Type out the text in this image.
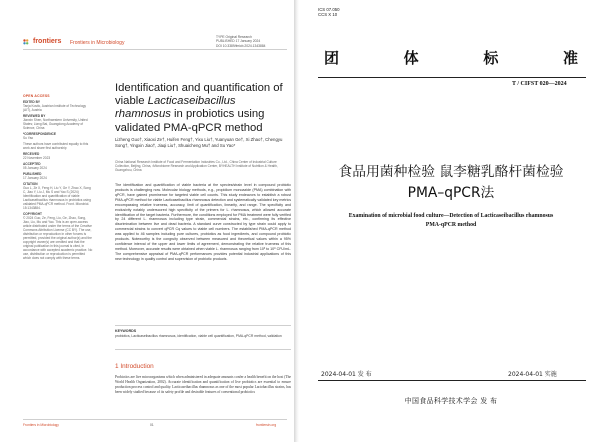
frontiers Frontiers in Microbiology
TYPE Original Research
PUBLISHED 17 January 2024
DOI 10.3389/fmicb.2024.1343884
OPEN ACCESS
EDITED BY
Tanja Kostic, Austrian Institute of Technology (AIT), Austria
REVIEWED BY
Jianxin Shen, Northwestern University, United States; Liang Bai, Guangdong Academy of Science, China
*CORRESPONDENCE
Su Yao
These authors have contributed equally to this work and share first authorship
RECEIVED
22 November 2023
ACCEPTED
05 January 2024
PUBLISHED
17 January 2024
CITATION
Guo L, Ze X, Feng H, Liu Y, Ge Y, Zhao X, Song C, Jiao Y, Liu J, Mu S and Yao S (2024) Identification and quantification of viable Lacticaseibacillus rhamnosus in probiotics using validated PMA-qPCR method. Front. Microbiol. 15:1343884.
COPYRIGHT
© 2024 Guo, Ze, Feng, Liu, Ge, Zhao, Song, Jiao, Liu, Mu and Yao. This is an open-access article distributed under the terms of the Creative Commons Attribution License (CC BY). The use, distribution or reproduction in other forums is permitted, provided the original author(s) and the copyright owner(s) are credited and that the original publication in this journal is cited, in accordance with accepted academic practice. No use, distribution or reproduction is permitted which does not comply with these terms.
Identification and quantification of viable Lacticaseibacillus rhamnosus in probiotics using validated PMA-qPCR method
Lizheng Guo†, Xiaoxi Ze†, Huifen Feng†, Yixu Liu†, Yuanyuan Ge†, Xi Zhao†, Chengyu Song†, Yingxin Jiao†, Jiaqi Liu†, Shuaicheng Mu† and Su Yao*
China National Research Institute of Food and Fermentation Industries Co., Ltd., China Center of Industrial Culture Collection, Beijing, China, ²Microbiome Research and Application Center, BYHEALTH Institute of Nutrition & Health, Guangzhou, China
The identification and quantification of viable bacteria at the species/strain level in compound probiotic products is challenging now. Molecular biology methods, e.g., propidium monoazide (PMA) combination with qPCR, have gained prominence for targeted viable cell counts. This study endeavors to establish a robust PMA-qPCR method for viable Lacticaseibacillus rhamnosus detection and systematically validated key metrics encompassing relative trueness, accuracy, limit of quantification, linearity, and range. The specificity and exclusivity notably underscored high specificity of the primers for L. rhamnosus, which allowed accurate identification of the target bacteria. Furthermore, the conditions employed for PMA treatment were fully verified by 24 different L. rhamnosus including type strain, commercial strains, etc., confirming its effective discrimination between live and dead bacteria. A standard curve constructed by type strain could apply to commercial strains to convert qPCR Cq values to viable cell numbers. The established PMA-qPCR method was applied to 46 samples including pure cultures, probiotics as food ingredients, and compound probiotic products. Noteworthy is the congruity observed between measured and theoretical values within a 95% confidence interval of the upper and lower limits of agreement, demonstrating the relative trueness of this method. Moreover, accurate results were obtained when viable L. rhamnosus ranging from 10³ to 10⁸ CFU/mL. The comprehensive appraisal of PMA-qPCR performances provides potential industrial applications of this new technology in quality control and supervision of probiotic products.
KEYWORDS
probiotics, Lacticaseibacillus rhamnosus, identification, viable cell quantification, PMA-qPCR method, validation
1 Introduction
Probiotics are live microorganisms which when administered in adequate amounts confer a health benefit on the host (The World Health Organization, 2002). Accurate identification and quantification of live probiotics are essential to ensure production process control and quality. Lacticaseibacillus rhamnosus as one of the most popular Lactobacillus strains, has been widely studied because of its safety profile and desirable features of conventional probiotics
Frontiers in Microbiology	01	frontiersin.org
ICS 07.050
CCS X 10
团	体	标	准
T / CIFST 020—2024
食品用菌种检验 鼠李糖乳酪杆菌检验
PMA–qPCR法
Examination of microbial food culture—Detection of Lacticaseibacillus rhamnosus
PMA-qPCR method
2024-04-01 发 布	2024-04-01 实施
中国食品科学技术学会 发 布
